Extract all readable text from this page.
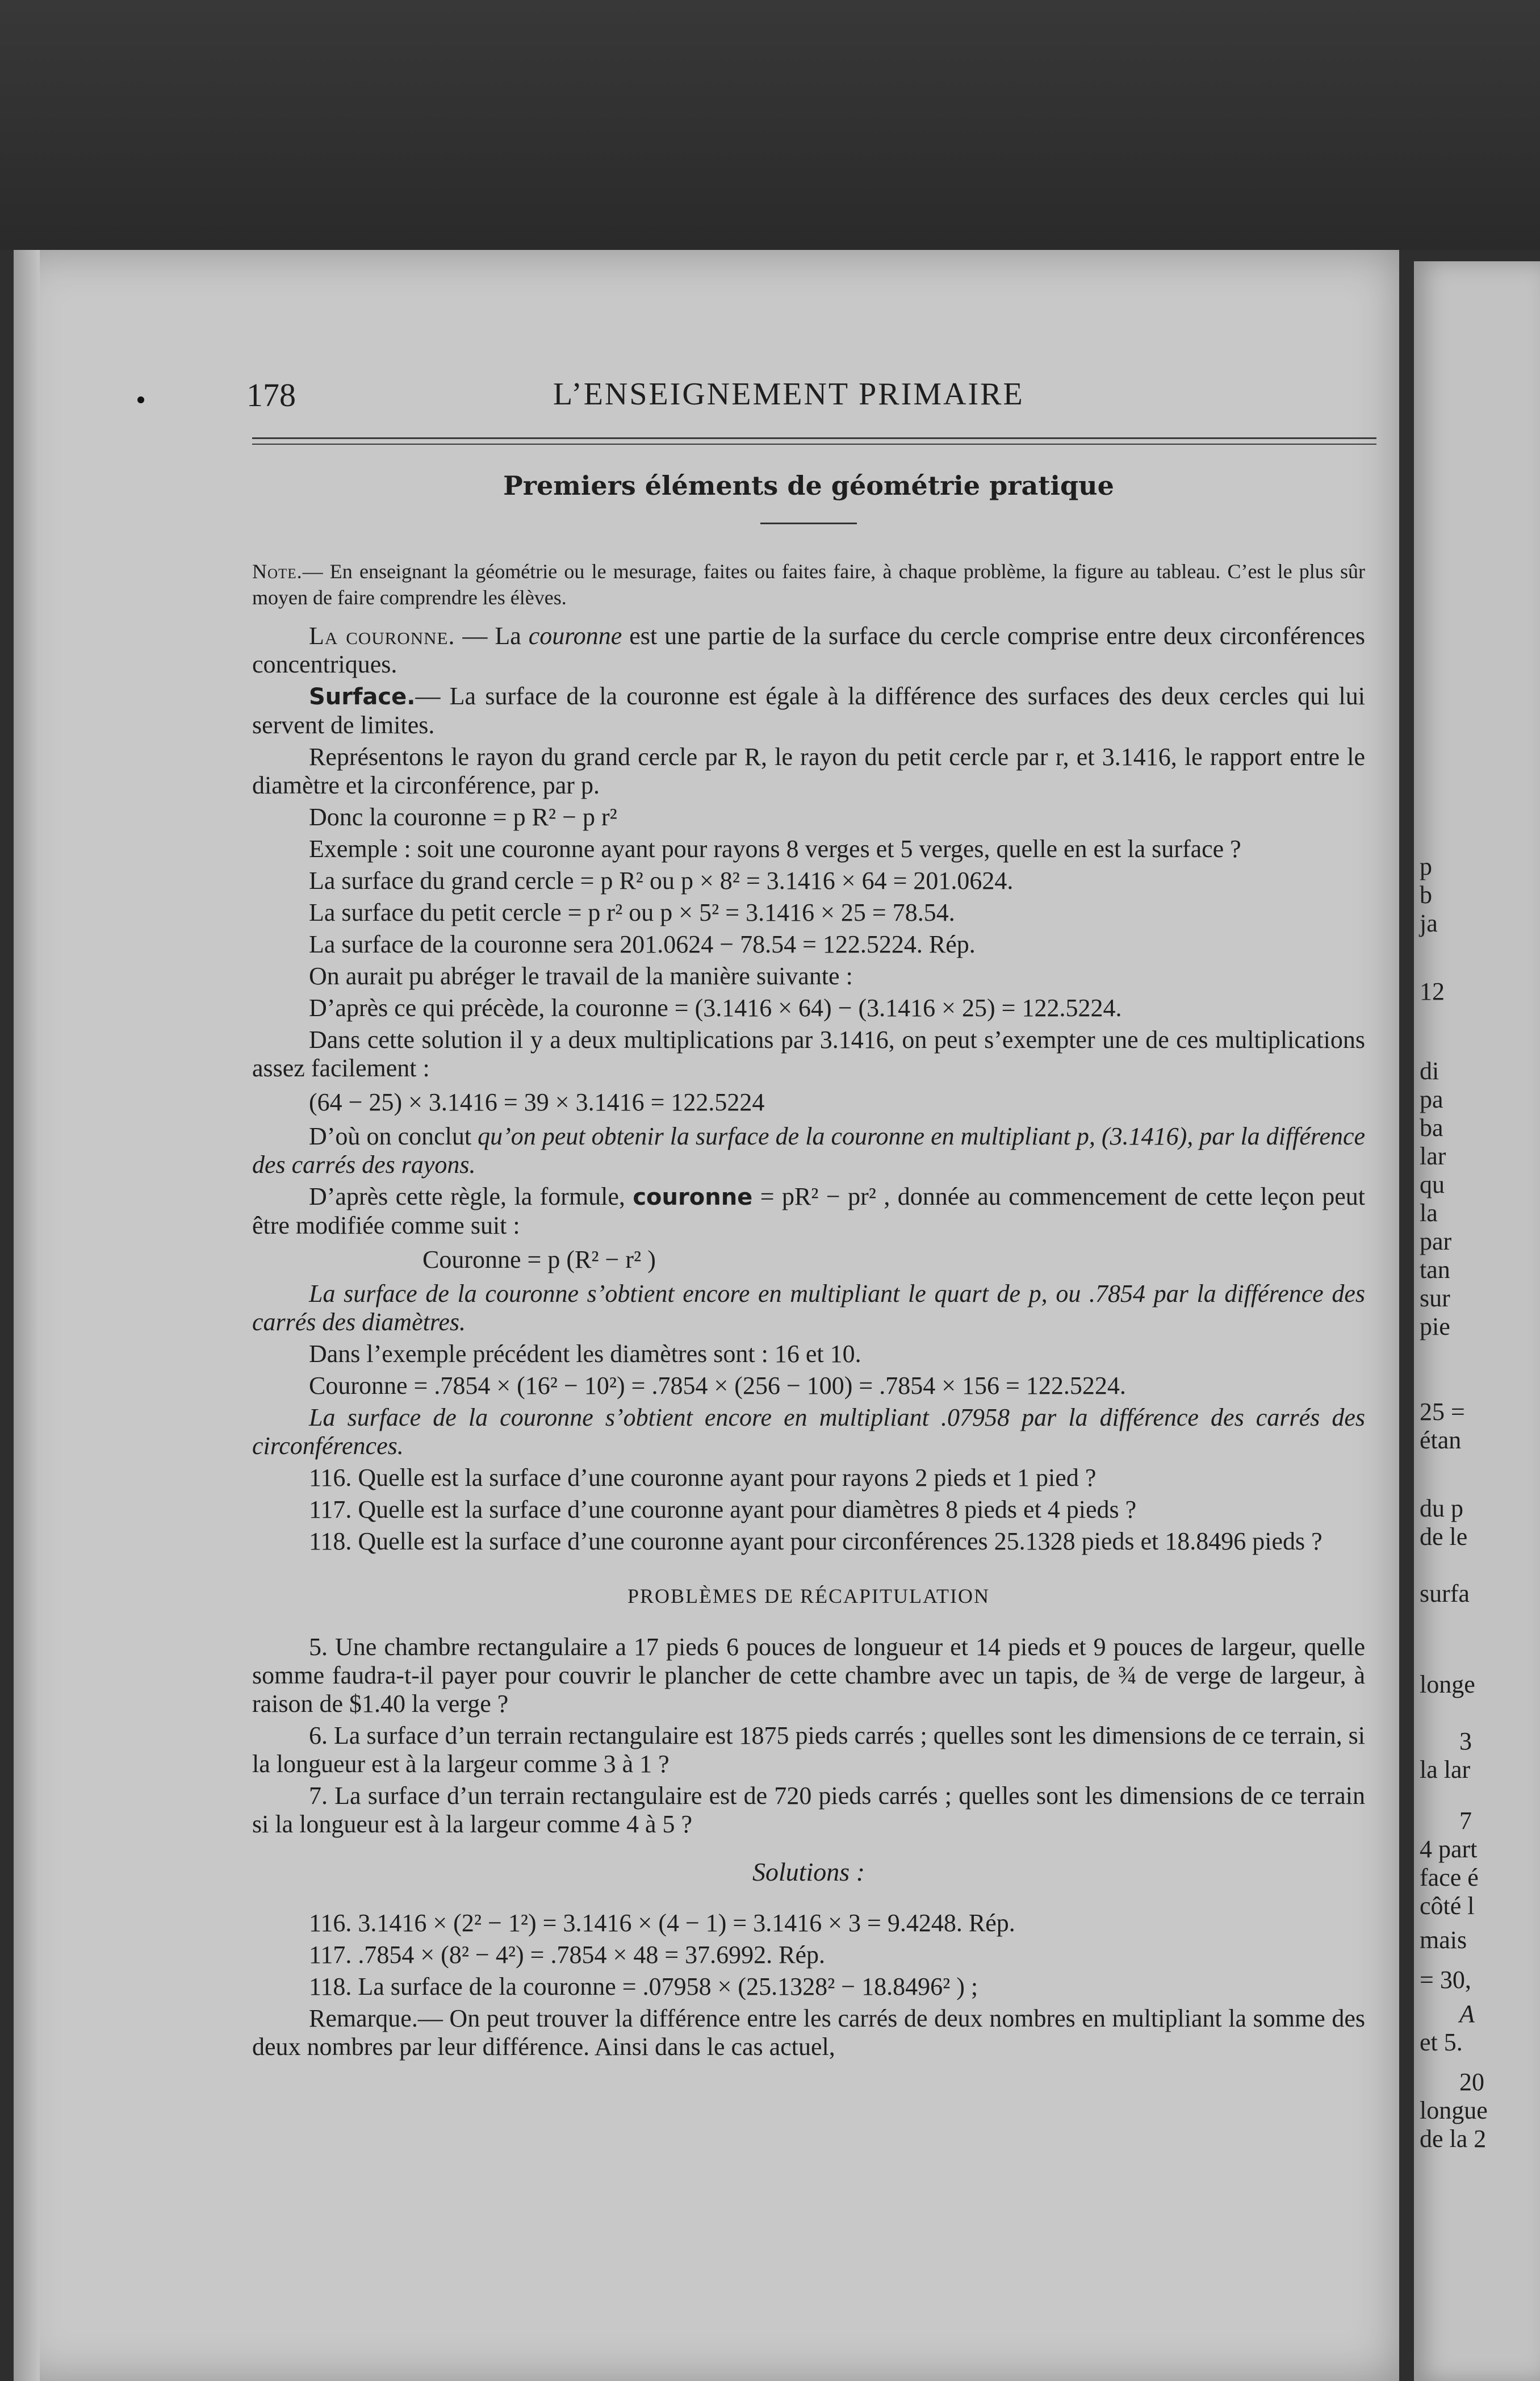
178	L’ENSEIGNEMENT PRIMAIRE
Premiers éléments de géométrie pratique

Note.— En enseignant la géométrie ou le mesurage, faites ou faites faire, à chaque problème, la figure au tableau. C’est le plus sûr moyen de faire comprendre les élèves.

La couronne. — La couronne est une partie de la surface du cercle comprise entre deux circonférences concentriques.

Surface.— La surface de la couronne est égale à la différence des surfaces des deux cercles qui lui servent de limites.

Représentons le rayon du grand cercle par R, le rayon du petit cercle par r, et 3.1416, le rapport entre le diamètre et la circonférence, par p.

Donc la couronne = p R² − p r²

Exemple : soit une couronne ayant pour rayons 8 verges et 5 verges, quelle en est la surface ?

La surface du grand cercle = p R² ou p × 8² = 3.1416 × 64 = 201.0624.

La surface du petit cercle = p r² ou p × 5² = 3.1416 × 25 = 78.54.

La surface de la couronne sera 201.0624 − 78.54 = 122.5224. Rép.

On aurait pu abréger le travail de la manière suivante :

D’après ce qui précède, la couronne = (3.1416 × 64) − (3.1416 × 25) = 122.5224.

Dans cette solution il y a deux multiplications par 3.1416, on peut s’exempter une de ces multiplications assez facilement :

(64 − 25) × 3.1416 = 39 × 3.1416 = 122.5224

D’où on conclut qu’on peut obtenir la surface de la couronne en multipliant p, (3.1416), par la différence des carrés des rayons.

D’après cette règle, la formule, couronne = pR² − pr² , donnée au commencement de cette leçon peut être modifiée comme suit :

Couronne = p (R² − r² )

La surface de la couronne s’obtient encore en multipliant le quart de p, ou .7854 par la différence des carrés des diamètres.

Dans l’exemple précédent les diamètres sont : 16 et 10.

Couronne = .7854 × (16² − 10²) = .7854 × (256 − 100) = .7854 × 156 = 122.5224.

La surface de la couronne s’obtient encore en multipliant .07958 par la différence des carrés des circonférences.

116. Quelle est la surface d’une couronne ayant pour rayons 2 pieds et 1 pied ?

117. Quelle est la surface d’une couronne ayant pour diamètres 8 pieds et 4 pieds ?

118. Quelle est la surface d’une couronne ayant pour circonférences 25.1328 pieds et 18.8496 pieds ?

PROBLÈMES DE RÉCAPITULATION

5. Une chambre rectangulaire a 17 pieds 6 pouces de longueur et 14 pieds et 9 pouces de largeur, quelle somme faudra-t-il payer pour couvrir le plancher de cette chambre avec un tapis, de ¾ de verge de largeur, à raison de $1.40 la verge ?

6. La surface d’un terrain rectangulaire est 1875 pieds carrés ; quelles sont les dimensions de ce terrain, si la longueur est à la largeur comme 3 à 1 ?

7. La surface d’un terrain rectangulaire est de 720 pieds carrés ; quelles sont les dimensions de ce terrain si la longueur est à la largeur comme 4 à 5 ?

Solutions :

116. 3.1416 × (2² − 1²) = 3.1416 × (4 − 1) = 3.1416 × 3 = 9.4248. Rép.

117. .7854 × (8² − 4²) = .7854 × 48 = 37.6992. Rép.

118. La surface de la couronne = .07958 × (25.1328² − 18.8496² ) ;

Remarque.— On peut trouver la différence entre les carrés de deux nombres en multipliant la somme des deux nombres par leur différence. Ainsi dans le cas actuel,

p
b
ja
12
di
pa
ba
lar
qu
la
par
tan
sur
pie
25 =
étan
du p
de le
surfa
longe
3
la lar
7
4 part
face é
côté l
mais
= 30,
A
et 5.
20
longue
de la 2
